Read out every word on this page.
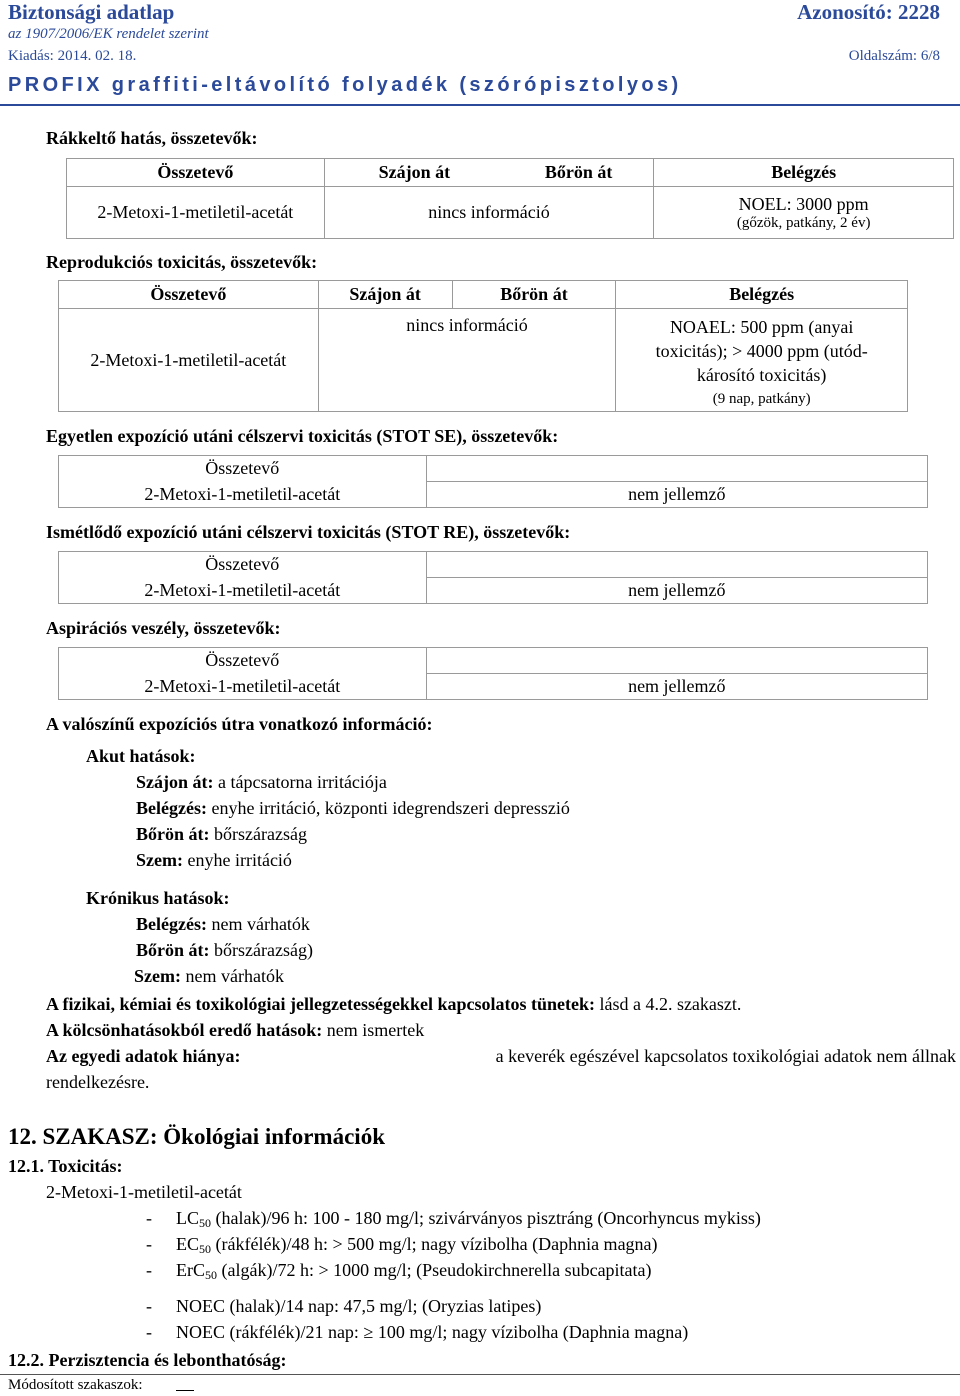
Biztonsági adatlap	Azonosító: 2228
az 1907/2006/EK rendelet szerint
Kiadás: 2014. 02. 18.	Oldalszám: 6/8
PROFIX graffiti-eltávolító folyadék (szórópisztolyos)
Rákkeltő hatás, összetevők:
Összetevő	Szájon át	Bőrön át	Belégzés
2-Metoxi-1-metiletil-acetát	nincs információ		NOEL: 3000 ppm
(gőzök, patkány, 2 év)
Reprodukciós toxicitás, összetevők:
Összetevő	Szájon át	Bőrön át	Belégzés
2-Metoxi-1-metiletil-acetát	nincs információ		NOAEL: 500 ppm (anyai
toxicitás); > 4000 ppm (utód-
károsító toxicitás)
(9 nap, patkány)
Egyetlen expozíció utáni célszervi toxicitás (STOT SE), összetevők:
Összetevő	
2-Metoxi-1-metiletil-acetát	nem jellemző
Ismétlődő expozíció utáni célszervi toxicitás (STOT RE), összetevők:
Összetevő	
2-Metoxi-1-metiletil-acetát	nem jellemző
Aspirációs veszély, összetevők:
Összetevő	
2-Metoxi-1-metiletil-acetát	nem jellemző
A valószínű expozíciós útra vonatkozó információ:
Akut hatások:
Szájon át: a tápcsatorna irritációja
Belégzés: enyhe irritáció, központi idegrendszeri depresszió
Bőrön át: bőrszárazság
Szem: enyhe irritáció
Krónikus hatások:
Belégzés: nem várhatók
Bőrön át: bőrszárazság)
Szem: nem várhatók
A fizikai, kémiai és toxikológiai jellegzetességekkel kapcsolatos tünetek: lásd a 4.2. szakaszt.
A kölcsönhatásokból eredő hatások: nem ismertek
Az egyedi adatok hiánya:	a keverék egészével kapcsolatos toxikológiai adatok nem állnak
rendelkezésre.
12. SZAKASZ: Ökológiai információk
12.1. Toxicitás:
2-Metoxi-1-metiletil-acetát
- $LC_{50}$ (halak)/96 h: 100 - 180 mg/l; szivárványos pisztráng (Oncorhyncus mykiss)
- $EC_{50}$ (rákfélék)/48 h: > 500 mg/l; nagy vízibolha (Daphnia magna)
- ErC$_{50}$ (algák)/72 h: > 1000 mg/l; (Pseudokirchnerella subcapitata)
- NOEC (halak)/14 nap: 47,5 mg/l; (Oryzias latipes)
- NOEC (rákfélék)/21 nap: ≥ 100 mg/l; nagy vízibolha (Daphnia magna)
12.2. Perzisztencia és lebonthatóság:
Módosított szakaszok:
